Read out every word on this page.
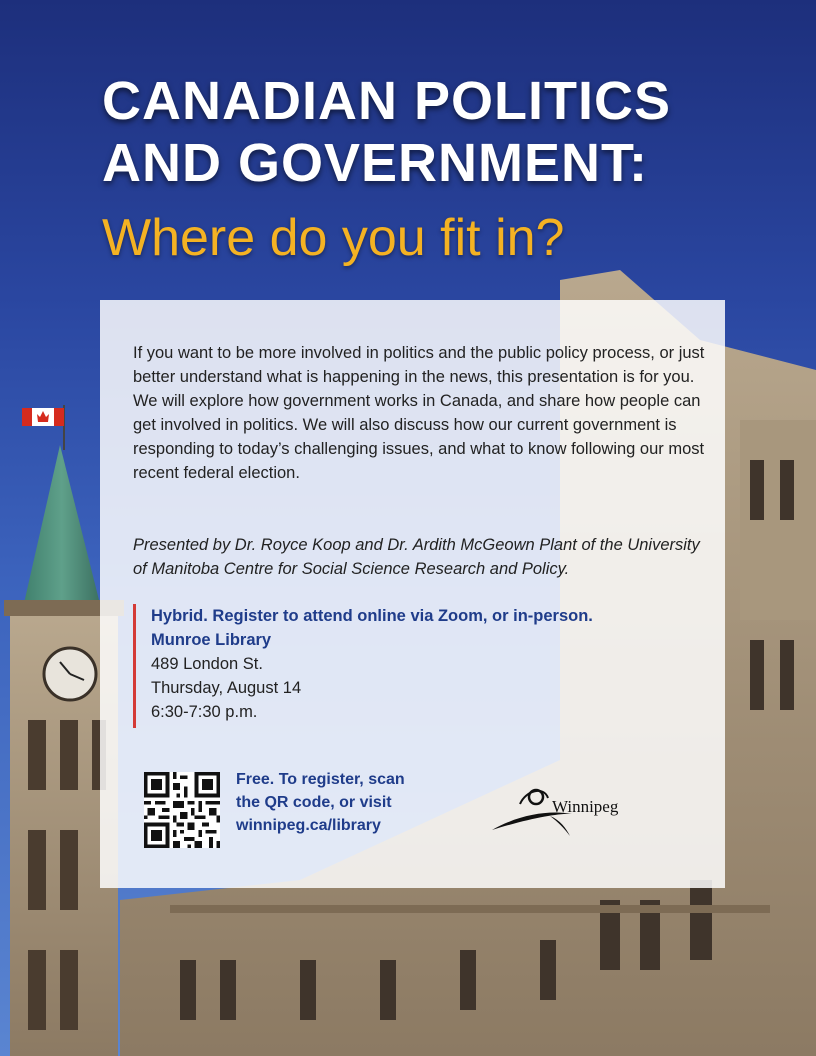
CANADIAN POLITICS
AND GOVERNMENT:
Where do you fit in?

If you want to be more involved in politics and the public policy process, or just better understand what is happening in the news, this presentation is for you. We will explore how government works in Canada, and share how people can get involved in politics. We will also discuss how our current government is responding to today’s challenging issues, and what to know following our most recent federal election.

Presented by Dr. Royce Koop and Dr. Ardith McGeown Plant of the University of Manitoba Centre for Social Science Research and Policy.

Hybrid. Register to attend online via Zoom, or in-person.
Munroe Library
489 London St.
Thursday, August 14
6:30-7:30 p.m.
Free. To register, scan
the QR code, or visit
winnipeg.ca/library
Winnipeg
